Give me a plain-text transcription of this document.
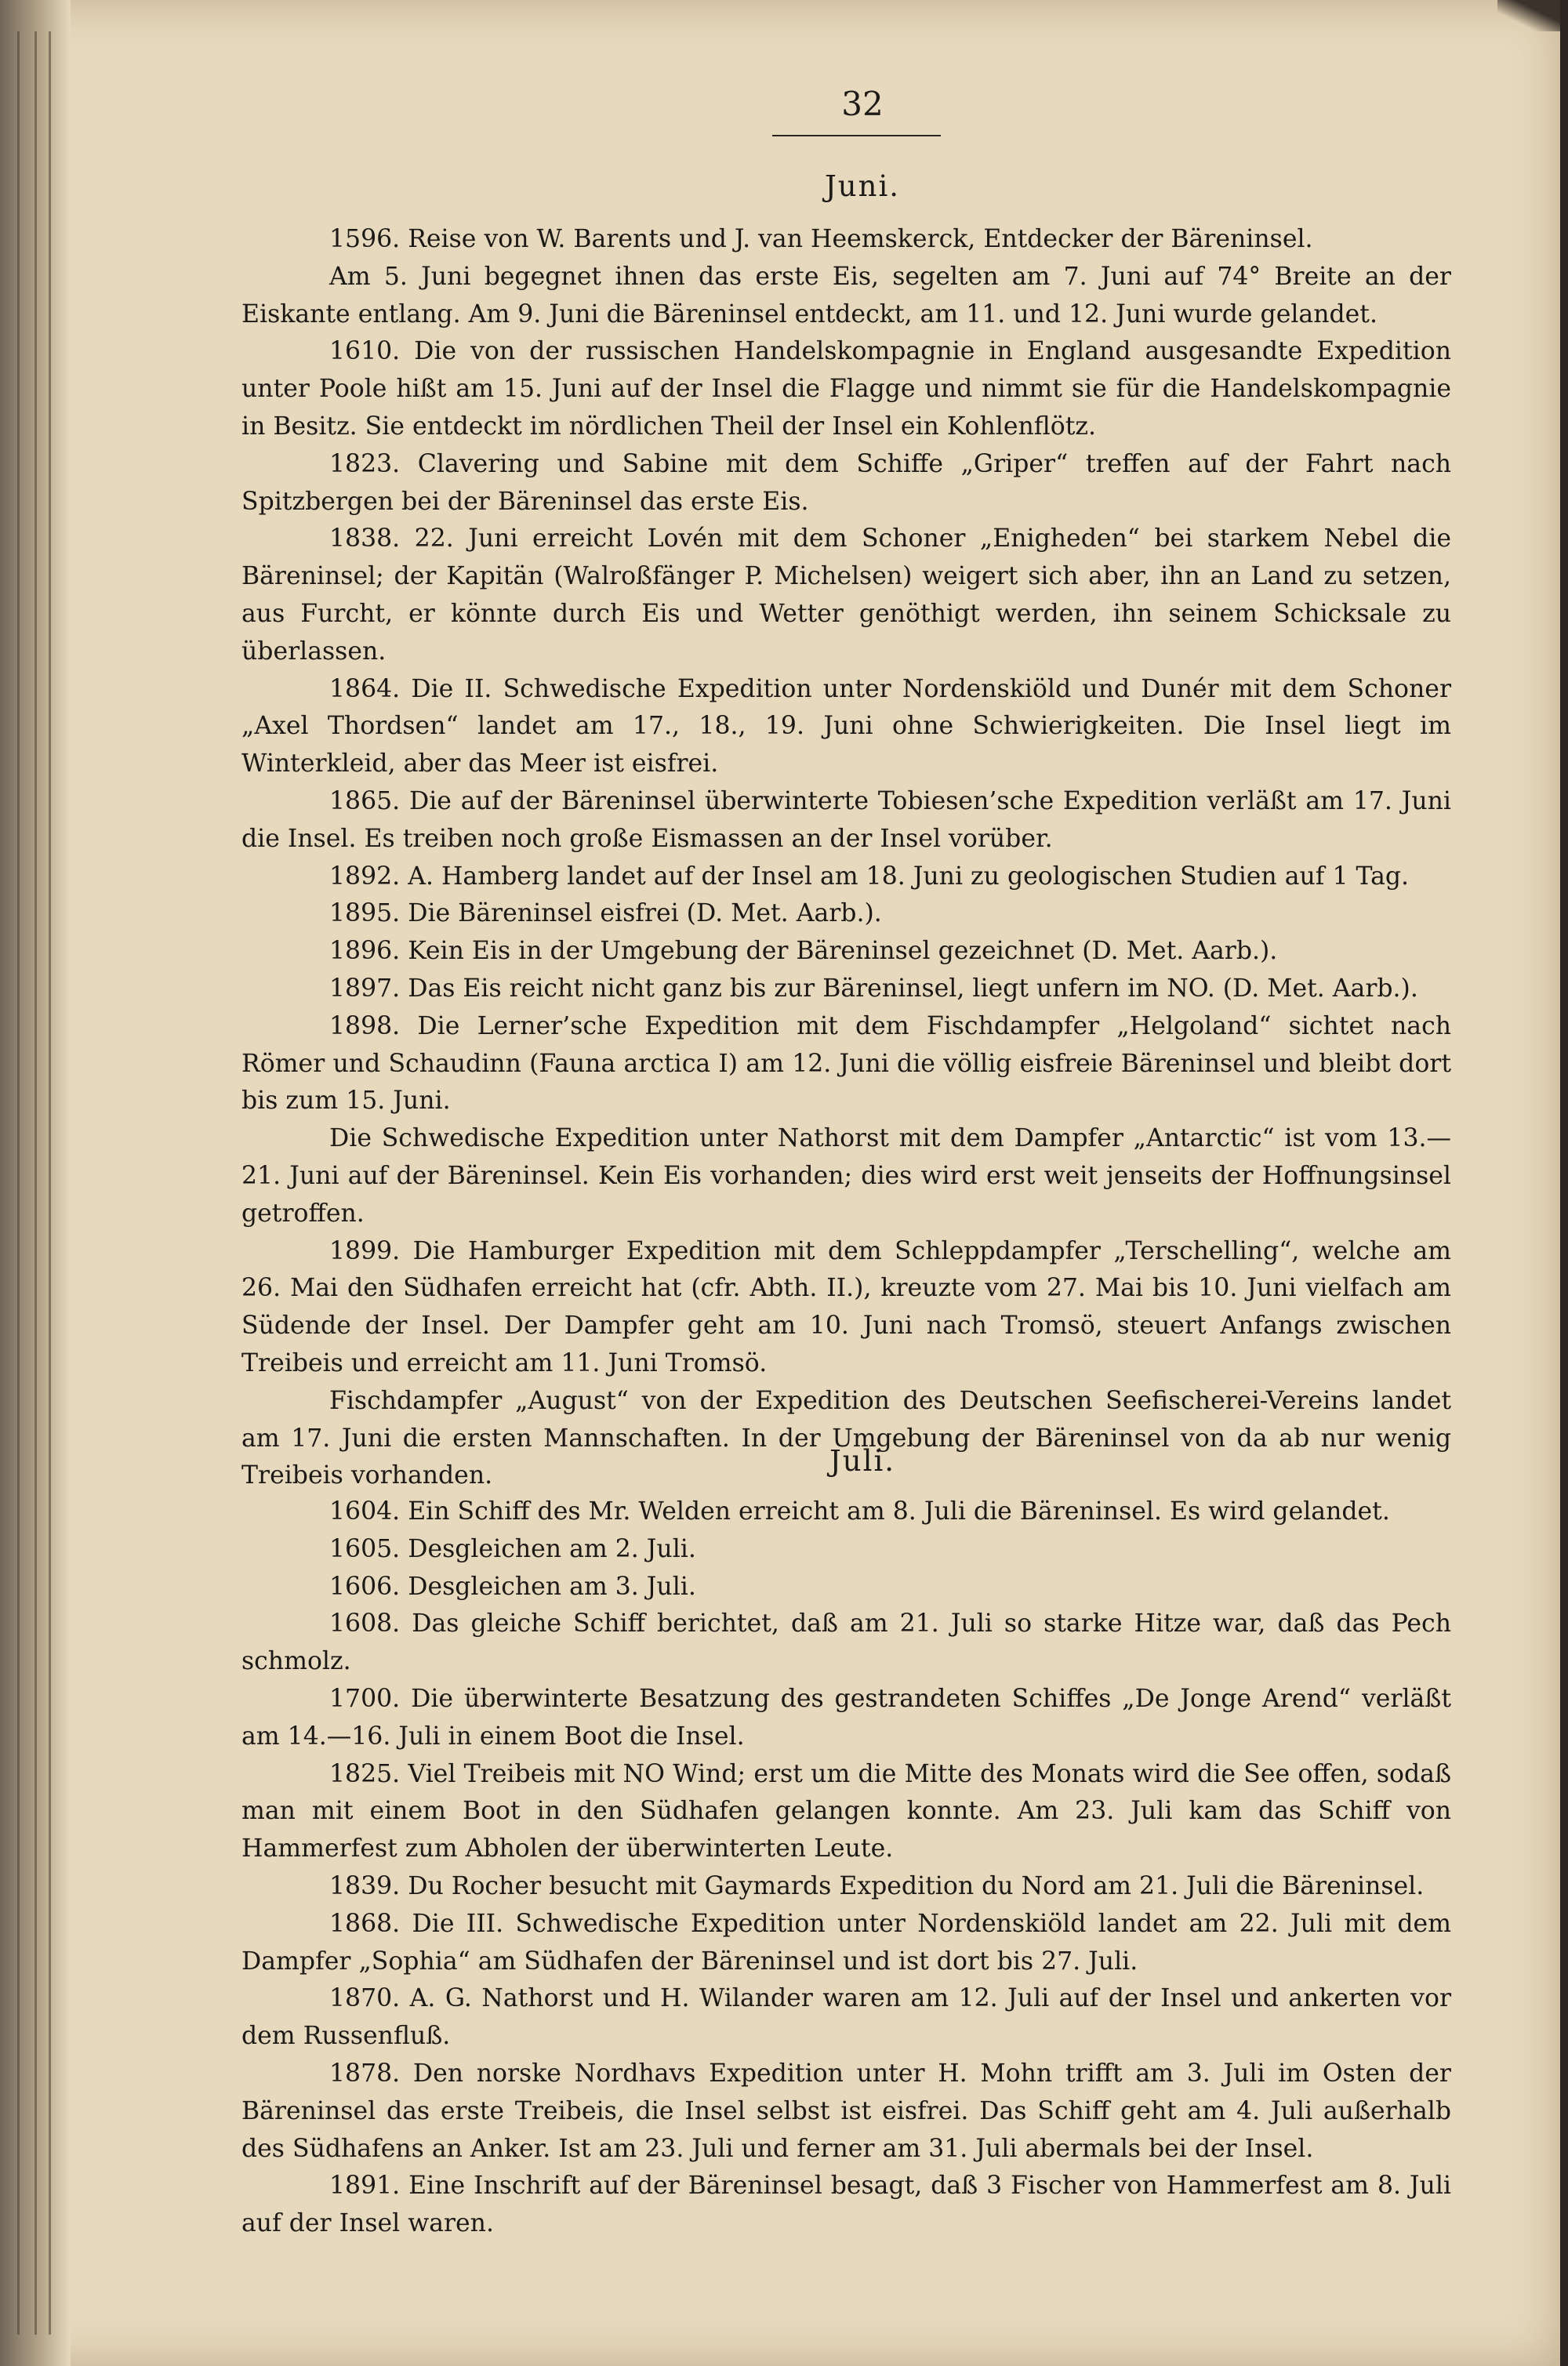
32
Juni.

1596. Reise von W. Barents und J. van Heemskerck, Entdecker der Bäreninsel.

Am 5. Juni begegnet ihnen das erste Eis, segelten am 7. Juni auf 74° Breite an der Eiskante entlang. Am 9. Juni die Bäreninsel entdeckt, am 11. und 12. Juni wurde gelandet.

1610. Die von der russischen Handelskompagnie in England ausgesandte Expedition unter Poole hißt am 15. Juni auf der Insel die Flagge und nimmt sie für die Handelskompagnie in Besitz. Sie entdeckt im nördlichen Theil der Insel ein Kohlenflötz.

1823. Clavering und Sabine mit dem Schiffe „Griper“ treffen auf der Fahrt nach Spitzbergen bei der Bäreninsel das erste Eis.

1838. 22. Juni erreicht Lovén mit dem Schoner „Enigheden“ bei starkem Nebel die Bäreninsel; der Kapitän (Walroßfänger P. Michelsen) weigert sich aber, ihn an Land zu setzen, aus Furcht, er könnte durch Eis und Wetter genöthigt werden, ihn seinem Schicksale zu überlassen.

1864. Die II. Schwedische Expedition unter Nordenskiöld und Dunér mit dem Schoner „Axel Thordsen“ landet am 17., 18., 19. Juni ohne Schwierigkeiten. Die Insel liegt im Winterkleid, aber das Meer ist eisfrei.

1865. Die auf der Bäreninsel überwinterte Tobiesen’sche Expedition verläßt am 17. Juni die Insel. Es treiben noch große Eismassen an der Insel vorüber.

1892. A. Hamberg landet auf der Insel am 18. Juni zu geologischen Studien auf 1 Tag.

1895. Die Bäreninsel eisfrei (D. Met. Aarb.).

1896. Kein Eis in der Umgebung der Bäreninsel gezeichnet (D. Met. Aarb.).

1897. Das Eis reicht nicht ganz bis zur Bäreninsel, liegt unfern im NO. (D. Met. Aarb.).

1898. Die Lerner’sche Expedition mit dem Fischdampfer „Helgoland“ sichtet nach Römer und Schaudinn (Fauna arctica I) am 12. Juni die völlig eisfreie Bäreninsel und bleibt dort bis zum 15. Juni.

Die Schwedische Expedition unter Nathorst mit dem Dampfer „Antarctic“ ist vom 13.—21. Juni auf der Bäreninsel. Kein Eis vorhanden; dies wird erst weit jenseits der Hoffnungsinsel getroffen.

1899. Die Hamburger Expedition mit dem Schleppdampfer „Terschelling“, welche am 26. Mai den Südhafen erreicht hat (cfr. Abth. II.), kreuzte vom 27. Mai bis 10. Juni vielfach am Südende der Insel. Der Dampfer geht am 10. Juni nach Tromsö, steuert Anfangs zwischen Treibeis und erreicht am 11. Juni Tromsö.

Fischdampfer „August“ von der Expedition des Deutschen Seefischerei-Vereins landet am 17. Juni die ersten Mannschaften. In der Umgebung der Bäreninsel von da ab nur wenig Treibeis vorhanden.	Juli.

1604. Ein Schiff des Mr. Welden erreicht am 8. Juli die Bäreninsel. Es wird gelandet.

1605. Desgleichen am 2. Juli.

1606. Desgleichen am 3. Juli.

1608. Das gleiche Schiff berichtet, daß am 21. Juli so starke Hitze war, daß das Pech schmolz.

1700. Die überwinterte Besatzung des gestrandeten Schiffes „De Jonge Arend“ verläßt am 14.—16. Juli in einem Boot die Insel.

1825. Viel Treibeis mit NO Wind; erst um die Mitte des Monats wird die See offen, sodaß man mit einem Boot in den Südhafen gelangen konnte. Am 23. Juli kam das Schiff von Hammerfest zum Abholen der überwinterten Leute.

1839. Du Rocher besucht mit Gaymards Expedition du Nord am 21. Juli die Bäreninsel.

1868. Die III. Schwedische Expedition unter Nordenskiöld landet am 22. Juli mit dem Dampfer „Sophia“ am Südhafen der Bäreninsel und ist dort bis 27. Juli.

1870. A. G. Nathorst und H. Wilander waren am 12. Juli auf der Insel und ankerten vor dem Russenfluß.

1878. Den norske Nordhavs Expedition unter H. Mohn trifft am 3. Juli im Osten der Bäreninsel das erste Treibeis, die Insel selbst ist eisfrei. Das Schiff geht am 4. Juli außerhalb des Südhafens an Anker. Ist am 23. Juli und ferner am 31. Juli abermals bei der Insel.

1891. Eine Inschrift auf der Bäreninsel besagt, daß 3 Fischer von Hammerfest am 8. Juli auf der Insel waren.
